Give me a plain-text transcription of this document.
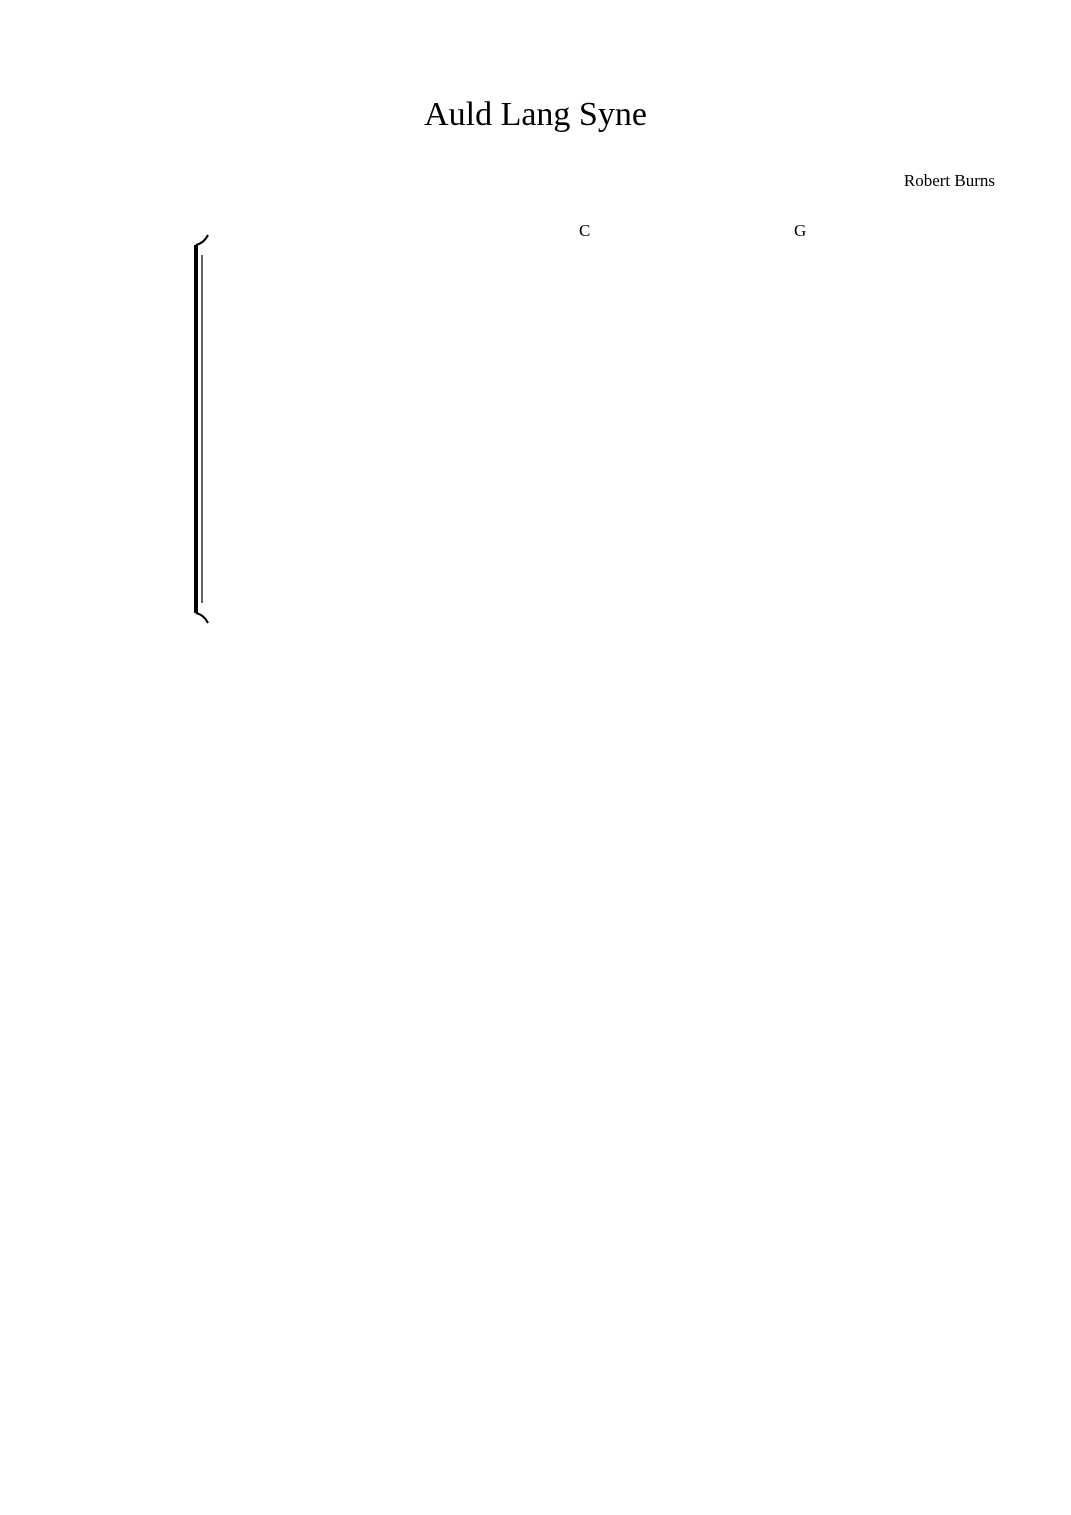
Auld Lang Syne
Robert Burns
C	G
